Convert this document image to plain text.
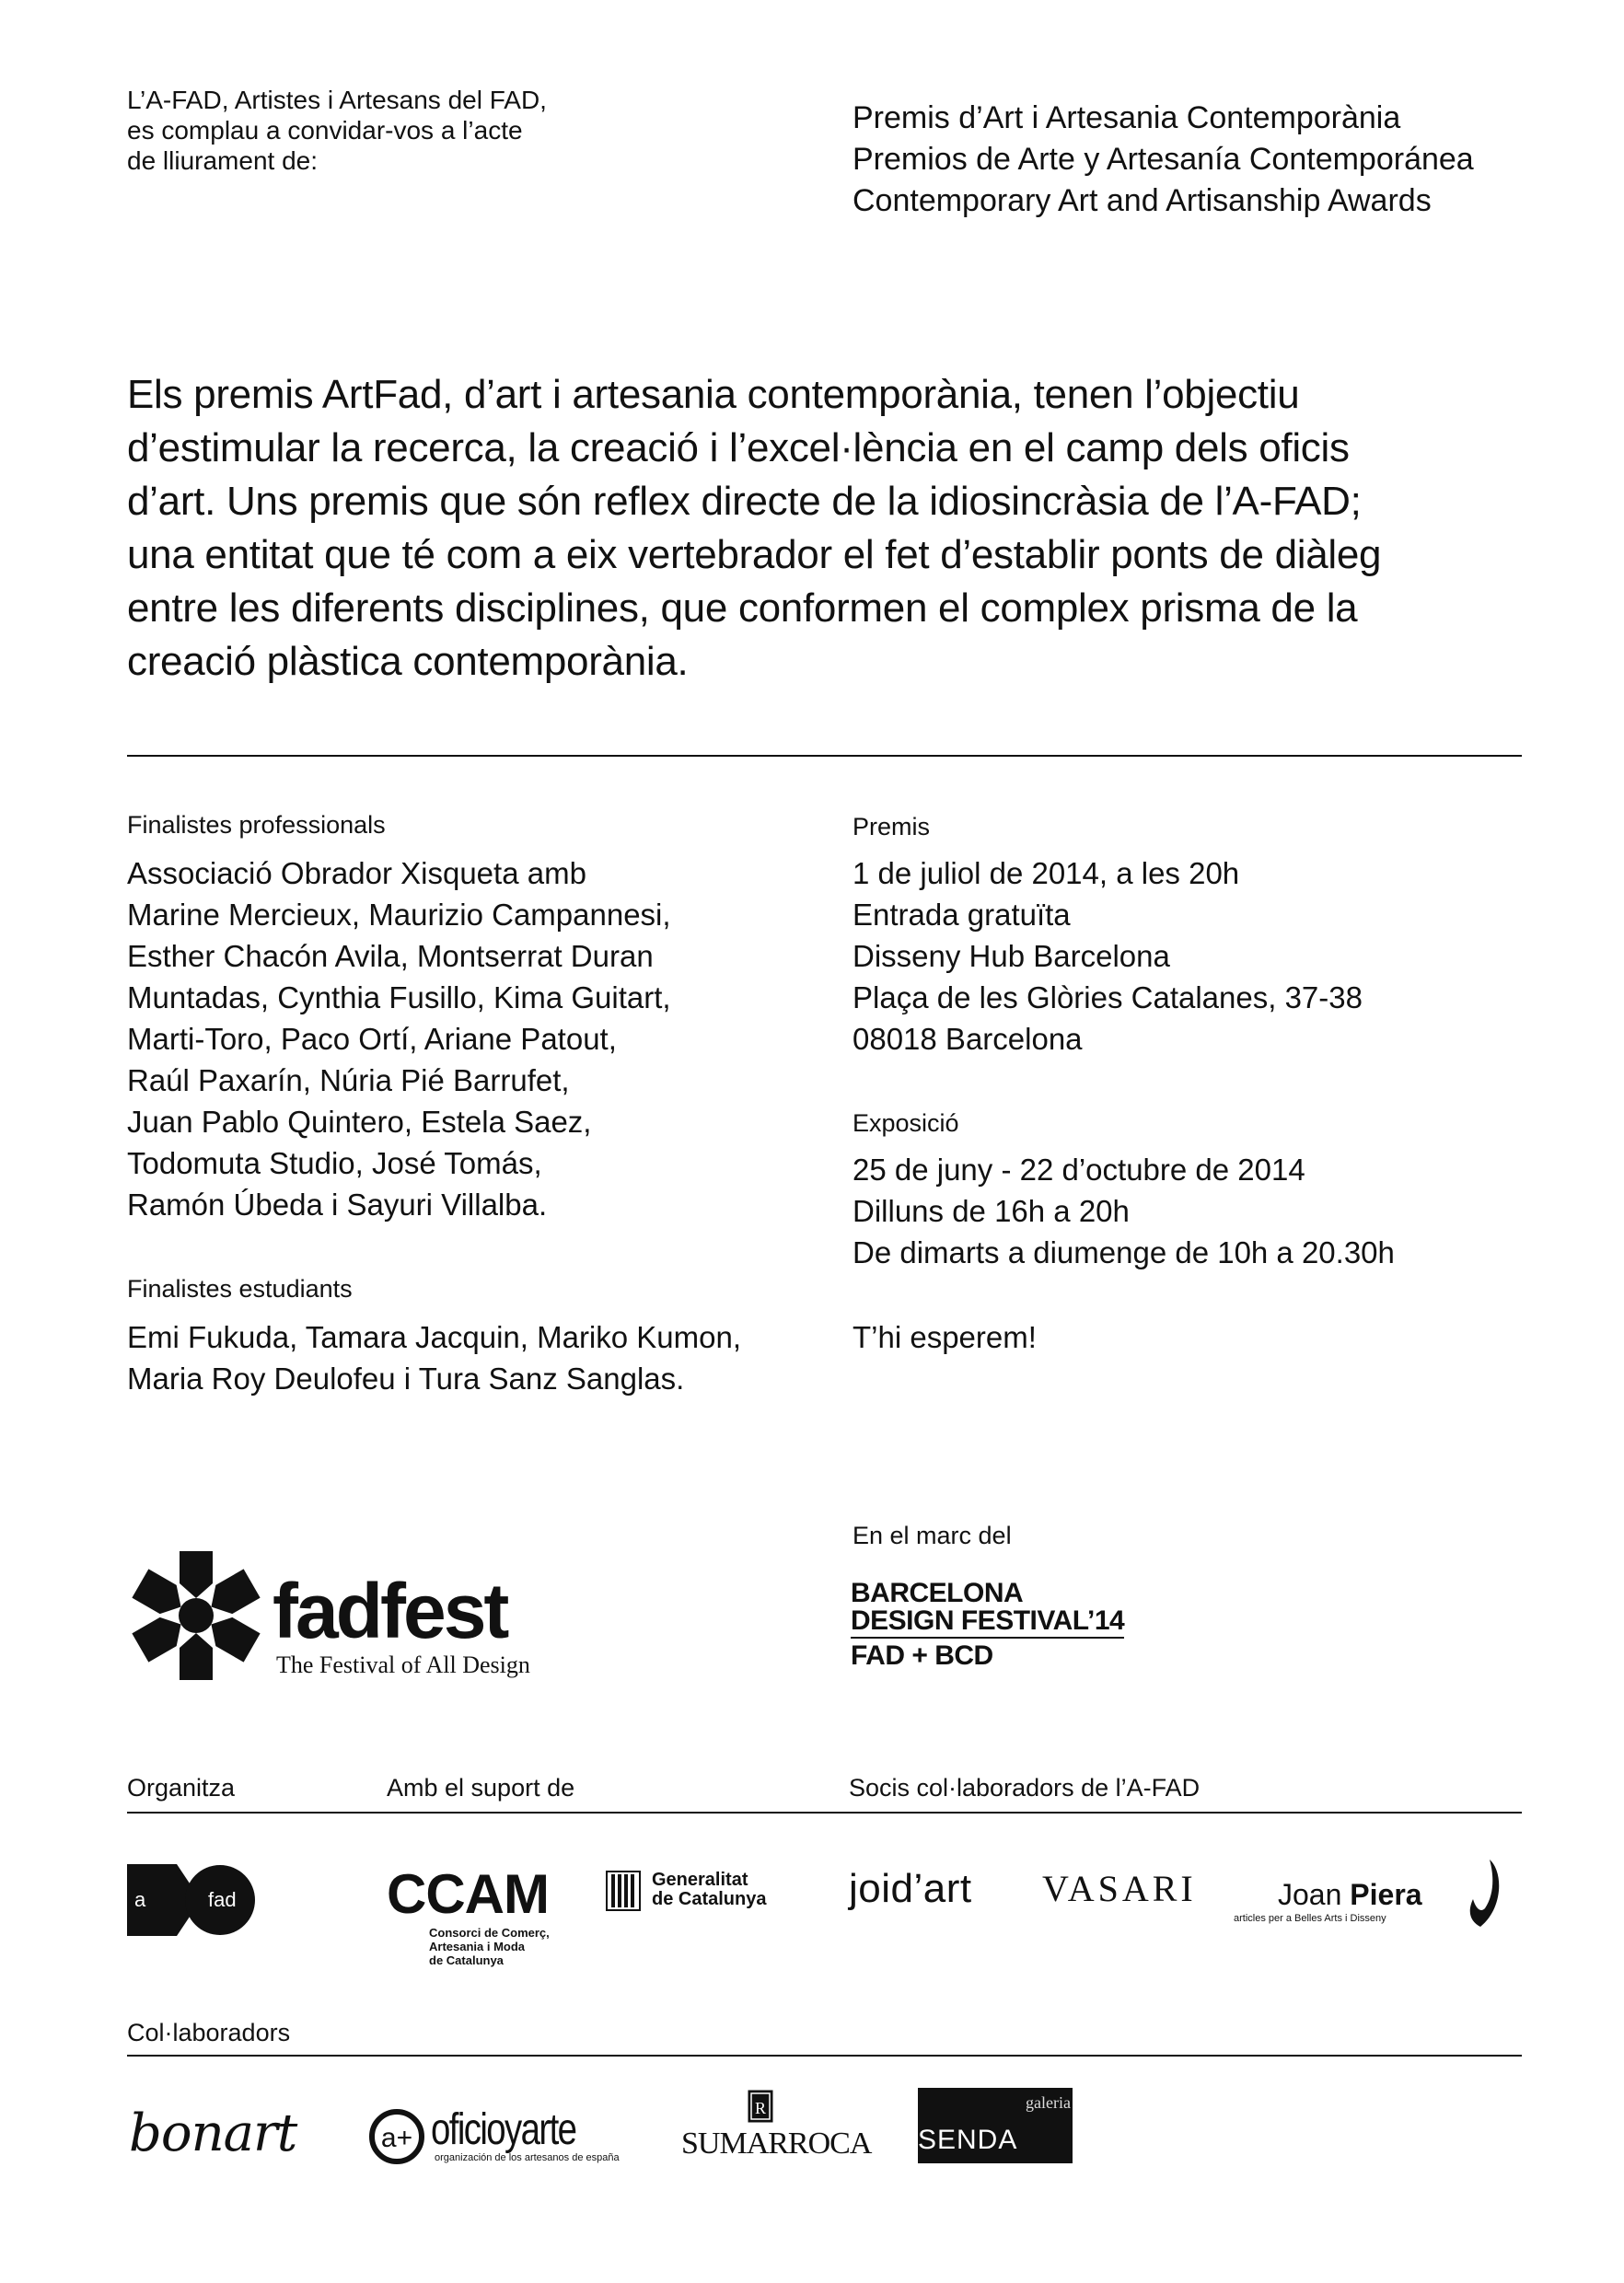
L’A-FAD, Artistes i Artesans del FAD,
es complau a convidar-vos a l’acte
de lliurament de:
Premis d’Art i Artesania Contemporània
Premios de Arte y Artesanía Contemporánea
Contemporary Art and Artisanship Awards
Els premis ArtFad, d’art i artesania contemporània, tenen l’objectiu
d’estimular la recerca, la creació i l’excel·lència en el camp dels oficis
d’art. Uns premis que són reflex directe de la idiosincràsia de l’A-FAD;
una entitat que té com a eix vertebrador el fet d’establir ponts de diàleg
entre les diferents disciplines, que conformen el complex prisma de la
creació plàstica contemporània.
Finalistes professionals
Associació Obrador Xisqueta amb
Marine Mercieux, Maurizio Campannesi,
Esther Chacón Avila, Montserrat Duran
Muntadas, Cynthia Fusillo, Kima Guitart,
Marti-Toro, Paco Ortí, Ariane Patout,
Raúl Paxarín, Núria Pié Barrufet,
Juan Pablo Quintero, Estela Saez,
Todomuta Studio, José Tomás,
Ramón Úbeda i Sayuri Villalba.
Finalistes estudiants
Emi Fukuda, Tamara Jacquin, Mariko Kumon,
Maria Roy Deulofeu i Tura Sanz Sanglas.
Premis
1 de juliol de 2014, a les 20h
Entrada gratuïta
Disseny Hub Barcelona
Plaça de les Glòries Catalanes, 37-38
08018 Barcelona
Exposició
25 de juny - 22 d’octubre de 2014
Dilluns de 16h a 20h
De dimarts a diumenge de 10h a 20.30h
T’hi esperem!
fadfest
The Festival of All Design
En el marc del
BARCELONA
DESIGN FESTIVAL’14
FAD + BCD
Organitza	Amb el suport de	Socis col·laboradors de l’A-FAD
a	fad	CCAM
Consorci de Comerç,
Artesania i Moda
de Catalunya
Generalitat
de Catalunya joid’art VASARI	Joan Piera
articles per a Belles Arts i Disseny
Col·laboradors
bonart	a+ oficioyarte
organización de los artesanos de españa
R
SUMARROCA
galeria
SENDA
